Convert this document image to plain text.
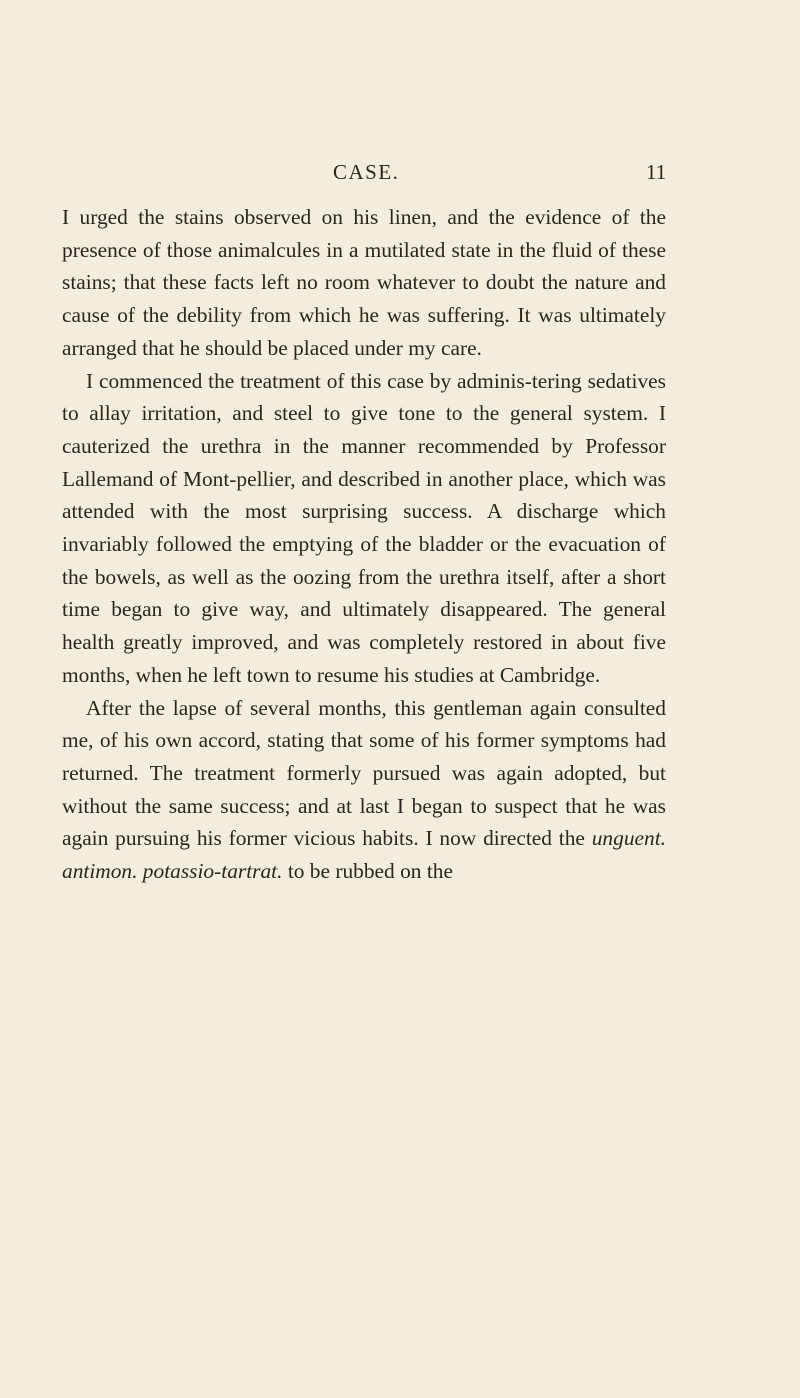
CASE.	11

I urged the stains observed on his linen, and the evidence of the presence of those animalcules in a mutilated state in the fluid of these stains; that these facts left no room whatever to doubt the nature and cause of the debility from which he was suffering. It was ultimately arranged that he should be placed under my care.

I commenced the treatment of this case by adminis-tering sedatives to allay irritation, and steel to give tone to the general system. I cauterized the urethra in the manner recommended by Professor Lallemand of Mont-pellier, and described in another place, which was attended with the most surprising success. A discharge which invariably followed the emptying of the bladder or the evacuation of the bowels, as well as the oozing from the urethra itself, after a short time began to give way, and ultimately disappeared. The general health greatly improved, and was completely restored in about five months, when he left town to resume his studies at Cambridge.

After the lapse of several months, this gentleman again consulted me, of his own accord, stating that some of his former symptoms had returned. The treatment formerly pursued was again adopted, but without the same success; and at last I began to suspect that he was again pursuing his former vicious habits. I now directed the unguent. antimon. potassio-tartrat. to be rubbed on the
